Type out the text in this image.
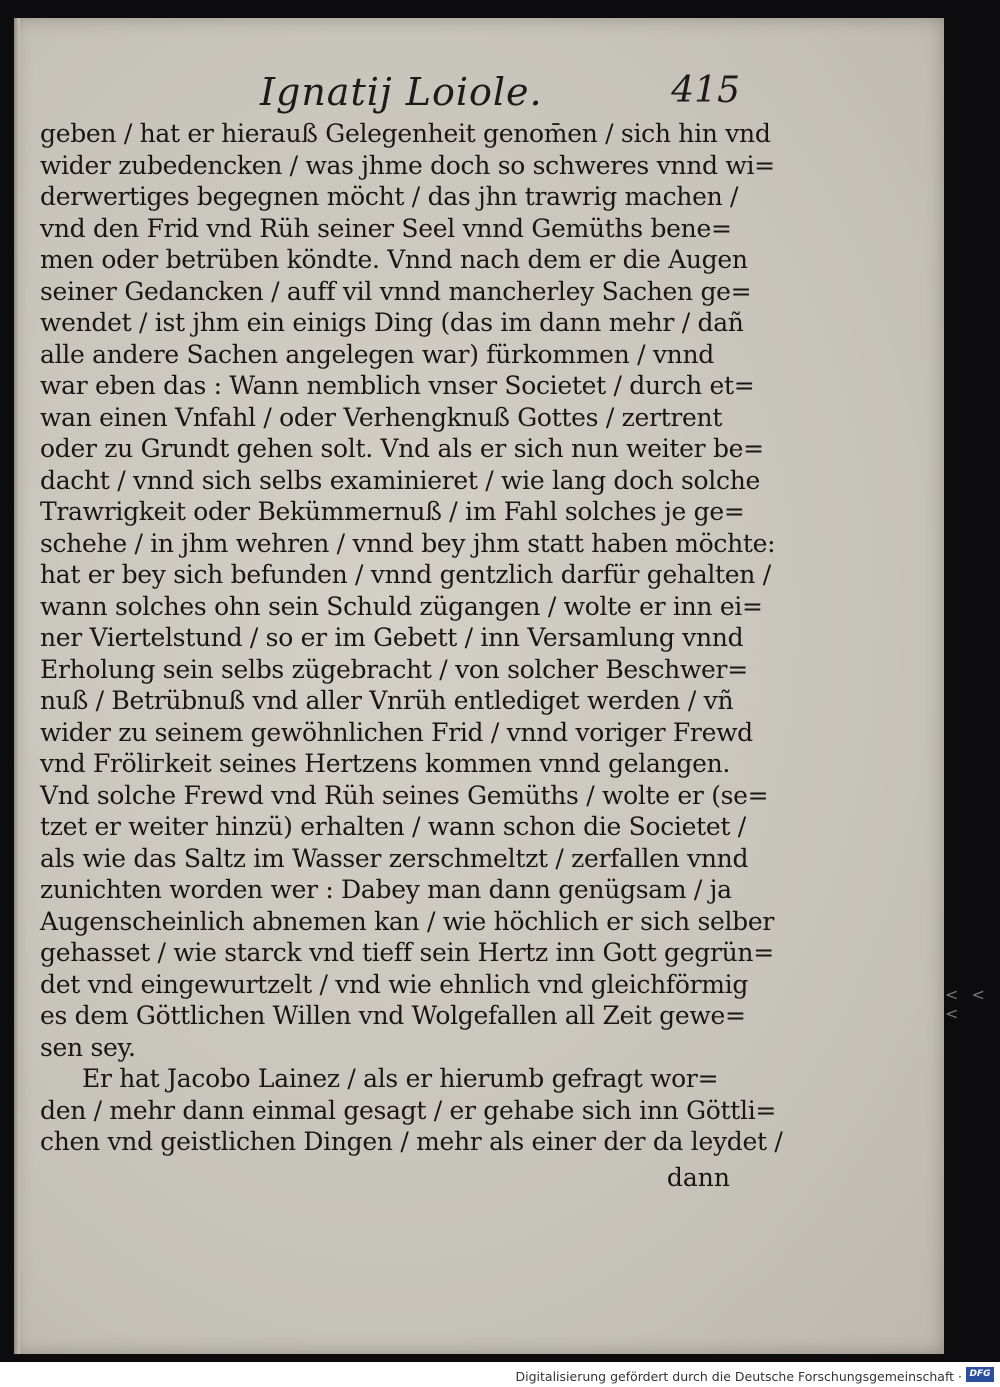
Ignatij Loiole.	415
geben / hat er hierauß Gelegenheit genom̄en / sich hin vnd
wider zubedencken / was jhme doch so schweres vnnd wi=
derwertiges begegnen möcht / das jhn trawrig machen /
vnd den Frid vnd Rüh seiner Seel vnnd Gemüths bene=
men oder betrüben köndte. Vnnd nach dem er die Augen
seiner Gedancken / auff vil vnnd mancherley Sachen ge=
wendet / ist jhm ein einigs Ding (das im dann mehr / dañ
alle andere Sachen angelegen war) fürkommen / vnnd
war eben das : Wann nemblich vnser Societet / durch et=
wan einen Vnfahl / oder Verhengknuß Gottes / zertrent
oder zu Grundt gehen solt. Vnd als er sich nun weiter be=
dacht / vnnd sich selbs examinieret / wie lang doch solche
Trawrigkeit oder Bekümmernuß / im Fahl solches je ge=
schehe / in jhm wehren / vnnd bey jhm statt haben möchte:
hat er bey sich befunden / vnnd gentzlich darfür gehalten /
wann solches ohn sein Schuld zügangen / wolte er inn ei=
ner Viertelstund / so er im Gebett / inn Versamlung vnnd
Erholung sein selbs zügebracht / von solcher Beschwer=
nuß / Betrübnuß vnd aller Vnrüh entlediget werden / vñ
wider zu seinem gewöhnlichen Frid / vnnd voriger Frewd
vnd Frölігkeit seines Hertzens kommen vnnd gelangen.
Vnd solche Frewd vnd Rüh seines Gemüths / wolte er (se=
tzet er weiter hinzü) erhalten / wann schon die Societet /
als wie das Saltz im Wasser zerschmeltzt / zerfallen vnnd
zunichten worden wer : Dabey man dann genügsam / ja
Augenscheinlich abnemen kan / wie höchlich er sich selber
gehasset / wie starck vnd tieff sein Hertz inn Gott gegrün=
det vnd eingewurtzelt / vnd wie ehnlich vnd gleichförmig
es dem Göttlichen Willen vnd Wolgefallen all Zeit gewe=
sen sey.
Er hat Jacobo Lainez / als er hierumb gefragt wor=
den / mehr dann einmal gesagt / er gehabe sich inn Göttli=
chen vnd geistlichen Dingen / mehr als einer der da leydet /
dann
< < <
Digitalisierung gefördert durch die Deutsche Forschungsgemeinschaft · DFG
